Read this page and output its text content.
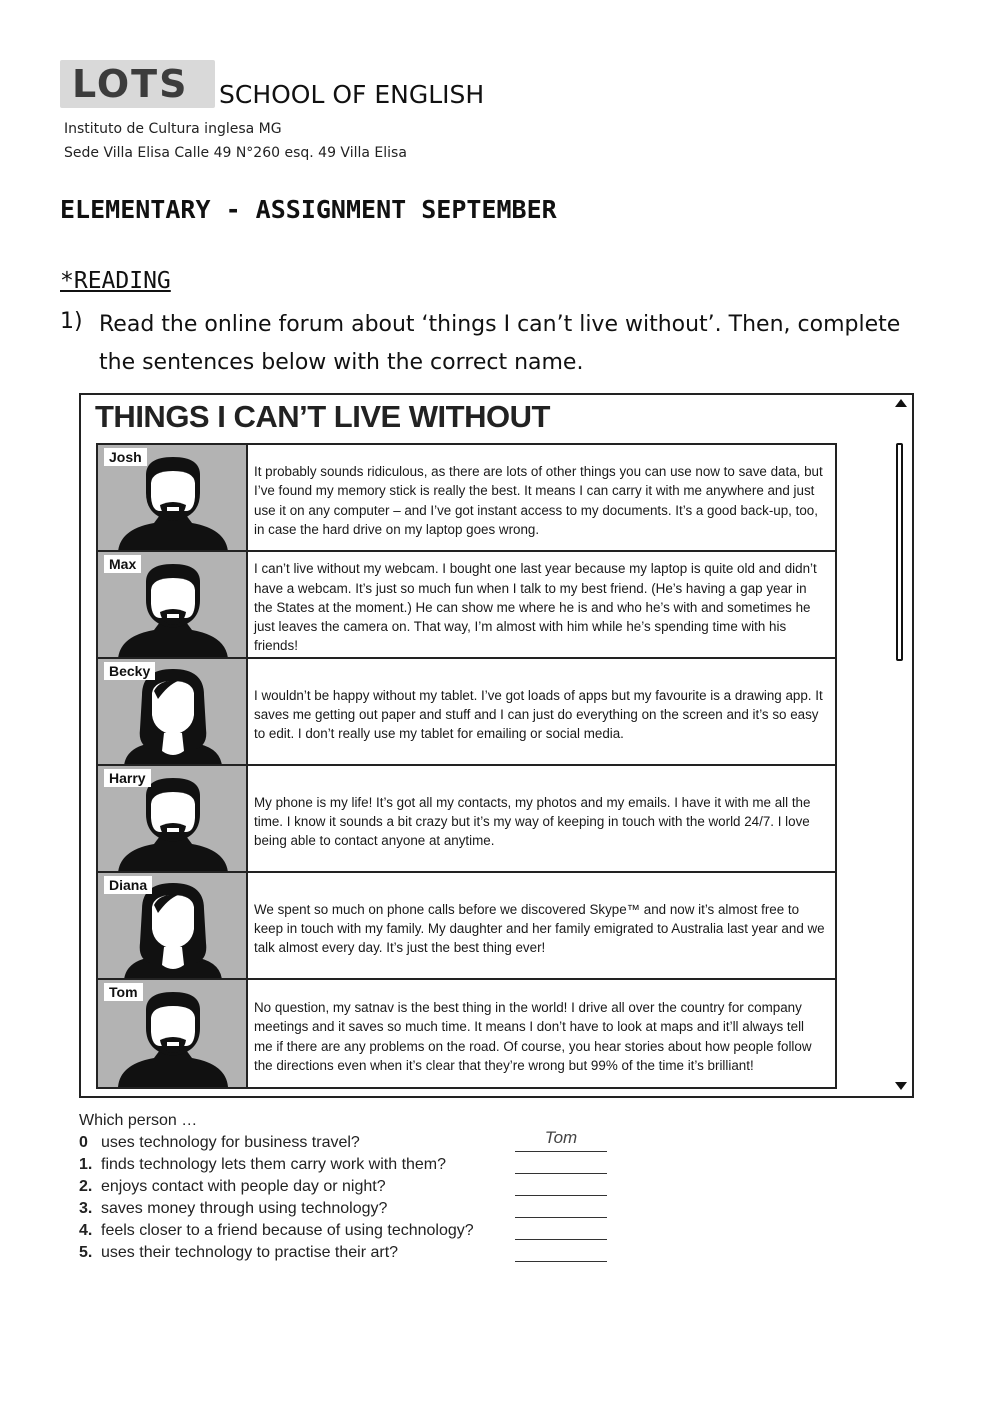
LOTS SCHOOL OF ENGLISH
Instituto de Cultura inglesa MG
Sede Villa Elisa Calle 49 N°260 esq. 49 Villa Elisa
ELEMENTARY - ASSIGNMENT SEPTEMBER
*READING
1) Read the online forum about ‘things I can’t live without’. Then, complete the sentences below with the correct name.
THINGS I CAN’T LIVE WITHOUT
Josh
It probably sounds ridiculous, as there are lots of other things you can use now to save data, but I’ve found my memory stick is really the best. It means I can carry it with me anywhere and just use it on any computer – and I’ve got instant access to my documents. It’s a good back-up, too, in case the hard drive on my laptop goes wrong.
Max	I can’t live without my webcam. I bought one last year because my laptop is quite old and didn’t have a webcam. It’s just so much fun when I talk to my best friend. (He’s having a gap year in the States at the moment.) He can show me where he is and who he’s with and sometimes he just leaves the camera on. That way, I’m almost with him while he’s spending time with his friends!
Becky
I wouldn’t be happy without my tablet. I’ve got loads of apps but my favourite is a drawing app. It saves me getting out paper and stuff and I can just do everything on the screen and it’s so easy to edit. I don’t really use my tablet for emailing or social media.
Harry
My phone is my life! It’s got all my contacts, my photos and my emails. I have it with me all the time. I know it sounds a bit crazy but it’s my way of keeping in touch with the world 24/7. I love being able to contact anyone at anytime.
Diana
We spent so much on phone calls before we discovered Skype™ and now it’s almost free to keep in touch with my family. My daughter and her family emigrated to Australia last year and we talk almost every day. It’s just the best thing ever!
Tom
No question, my satnav is the best thing in the world! I drive all over the country for company meetings and it saves so much time. It means I don’t have to look at maps and it’ll always tell me if there are any problems on the road. Of course, you hear stories about how people follow the directions even when it’s clear that they’re wrong but 99% of the time it’s brilliant!
Which person …
0 uses technology for business travel?	Tom
1. finds technology lets them carry work with them?
2. enjoys contact with people day or night?
3. saves money through using technology?
4. feels closer to a friend because of using technology?
5. uses their technology to practise their art?
